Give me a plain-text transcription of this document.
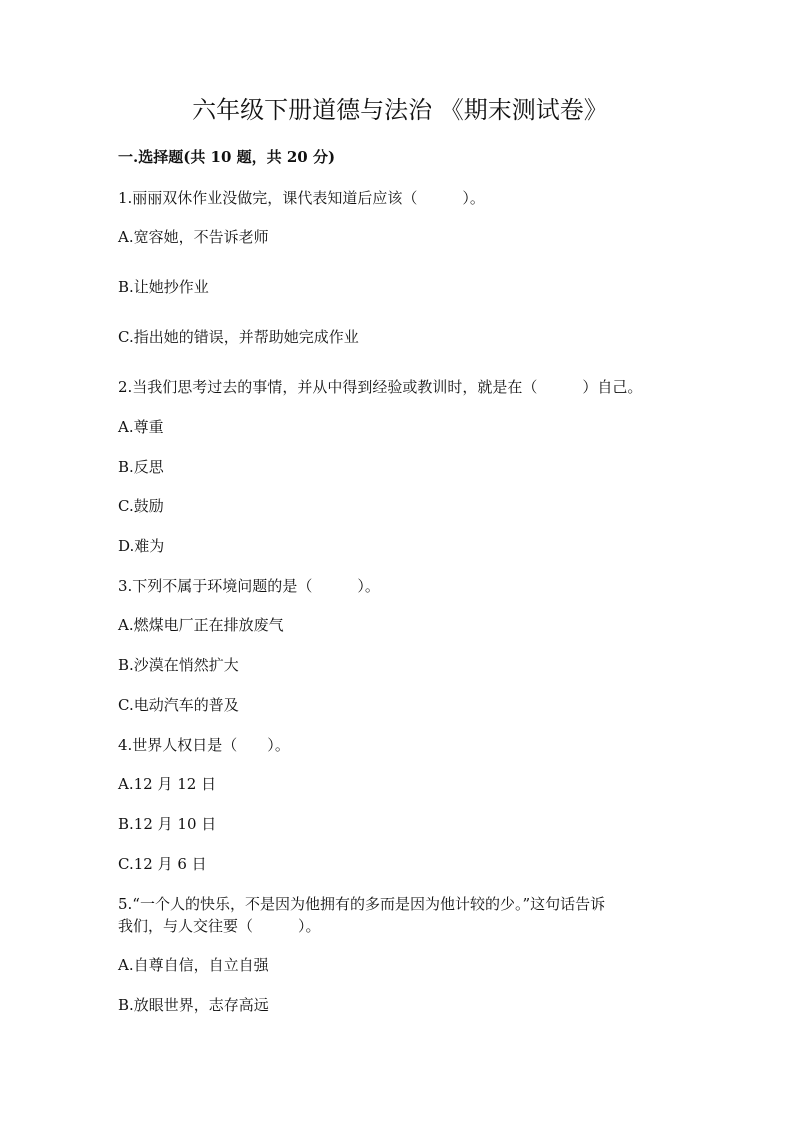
六年级下册道德与法治 《期末测试卷》
一.选择题(共 10 题，共 20 分)
1.丽丽双休作业没做完，课代表知道后应该（　　　）。
A.宽容她，不告诉老师
B.让她抄作业
C.指出她的错误，并帮助她完成作业
2.当我们思考过去的事情，并从中得到经验或教训时，就是在（　　　）自己。
A.尊重
B.反思
C.鼓励
D.难为
3.下列不属于环境问题的是（　　　）。
A.燃煤电厂正在排放废气
B.沙漠在悄然扩大
C.电动汽车的普及
4.世界人权日是（　　）。
A.12 月 12 日
B.12 月 10 日
C.12 月 6 日
5.“一个人的快乐，不是因为他拥有的多而是因为他计较的少。”这句话告诉
我们，与人交往要（　　　）。
A.自尊自信，自立自强
B.放眼世界，志存高远
